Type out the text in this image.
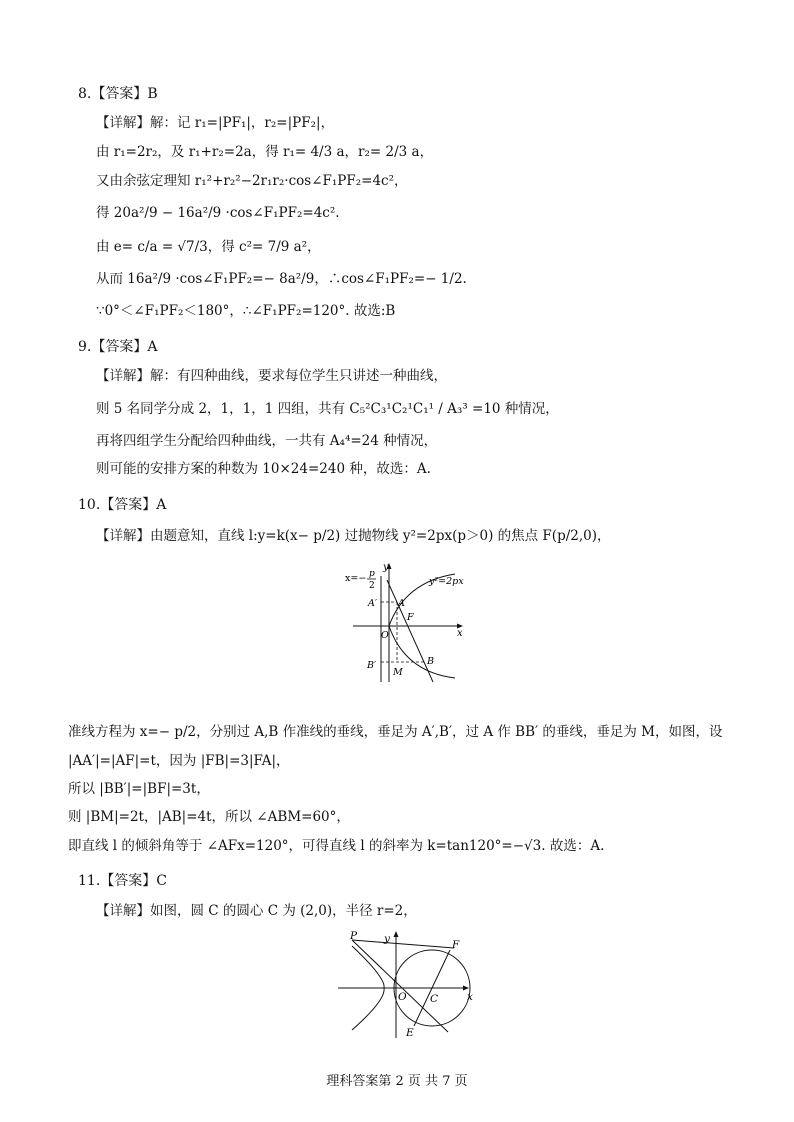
8.【答案】B
【详解】解：记 r₁=|PF₁|，r₂=|PF₂|，
由 r₁=2r₂，及 r₁+r₂=2a，得 r₁= 4/3 a，r₂= 2/3 a，
又由余弦定理知 r₁²+r₂²−2r₁r₂·cos∠F₁PF₂=4c²，
得 20a²/9 − 16a²/9 ·cos∠F₁PF₂=4c².
由 e= c/a = √7/3，得 c²= 7/9 a²，
从而 16a²/9 ·cos∠F₁PF₂=− 8a²/9，∴cos∠F₁PF₂=− 1/2.
∵0°＜∠F₁PF₂＜180°，∴∠F₁PF₂=120°. 故选:B
9.【答案】A
【详解】解：有四种曲线，要求每位学生只讲述一种曲线，
则 5 名同学分成 2，1，1，1 四组，共有 C₅²C₃¹C₂¹C₁¹ / A₃³ =10 种情况，
再将四组学生分配给四种曲线，一共有 A₄⁴=24 种情况，
则可能的安排方案的种数为 10×24=240 种，故选：A.
10.【答案】A
【详解】由题意知，直线 l:y=k(x− p/2) 过抛物线 y²=2px(p＞0) 的焦点 F(p/2,0)，
x=− p
2
y
x
y²=2px
A′ A
F
O
B′
M
B
准线方程为 x=− p/2，分别过 A,B 作准线的垂线，垂足为 A′,B′，过 A 作 BB′ 的垂线，垂足为 M，如图，设
|AA′|=|AF|=t，因为 |FB|=3|FA|，
所以 |BB′|=|BF|=3t，
则 |BM|=2t，|AB|=4t，所以 ∠ABM=60°，
即直线 l 的倾斜角等于 ∠AFx=120°，可得直线 l 的斜率为 k=tan120°=−√3. 故选：A.
11.【答案】C
【详解】如图，圆 C 的圆心 C 为 (2,0)，半径 r=2，
P	y	F
O C	x
E
理科答案第 2 页 共 7 页
